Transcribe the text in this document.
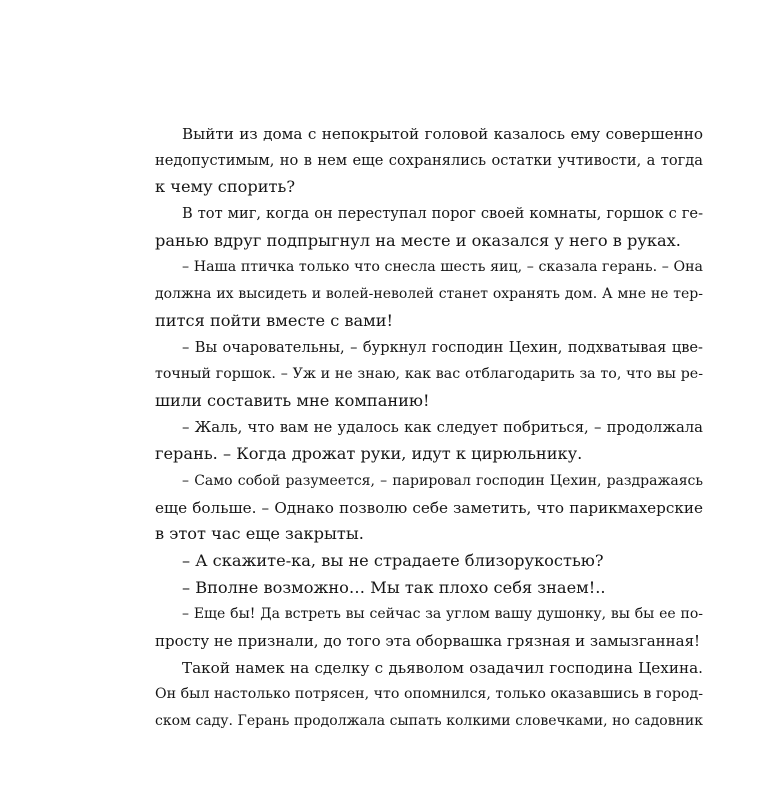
Выйти из дома с непокрытой головой казалось ему совершенно
недопустимым, но в нем еще сохранялись остатки учтивости, а тогда
к чему спорить?
В тот миг, когда он переступал порог своей комнаты, горшок с ге-
ранью вдруг подпрыгнул на месте и оказался у него в руках.
– Наша птичка только что снесла шесть яиц, – сказала герань. – Она
должна их высидеть и волей-неволей станет охранять дом. А мне не тер-
пится пойти вместе с вами!
– Вы очаровательны, – буркнул господин Цехин, подхватывая цве-
точный горшок. – Уж и не знаю, как вас отблагодарить за то, что вы ре-
шили составить мне компанию!
– Жаль, что вам не удалось как следует побриться, – продолжала
герань. – Когда дрожат руки, идут к цирюльнику.
– Само собой разумеется, – парировал господин Цехин, раздражаясь
еще больше. – Однако позволю себе заметить, что парикмахерские
в этот час еще закрыты.
– А скажите-ка, вы не страдаете близорукостью?
– Вполне возможно… Мы так плохо себя знаем!..
– Еще бы! Да встреть вы сейчас за углом вашу душонку, вы бы ее по-
просту не признали, до того эта оборвашка грязная и замызганная!
Такой намек на сделку с дьяволом озадачил господина Цехина.
Он был настолько потрясен, что опомнился, только оказавшись в город-
ском саду. Герань продолжала сыпать колкими словечками, но садовник
